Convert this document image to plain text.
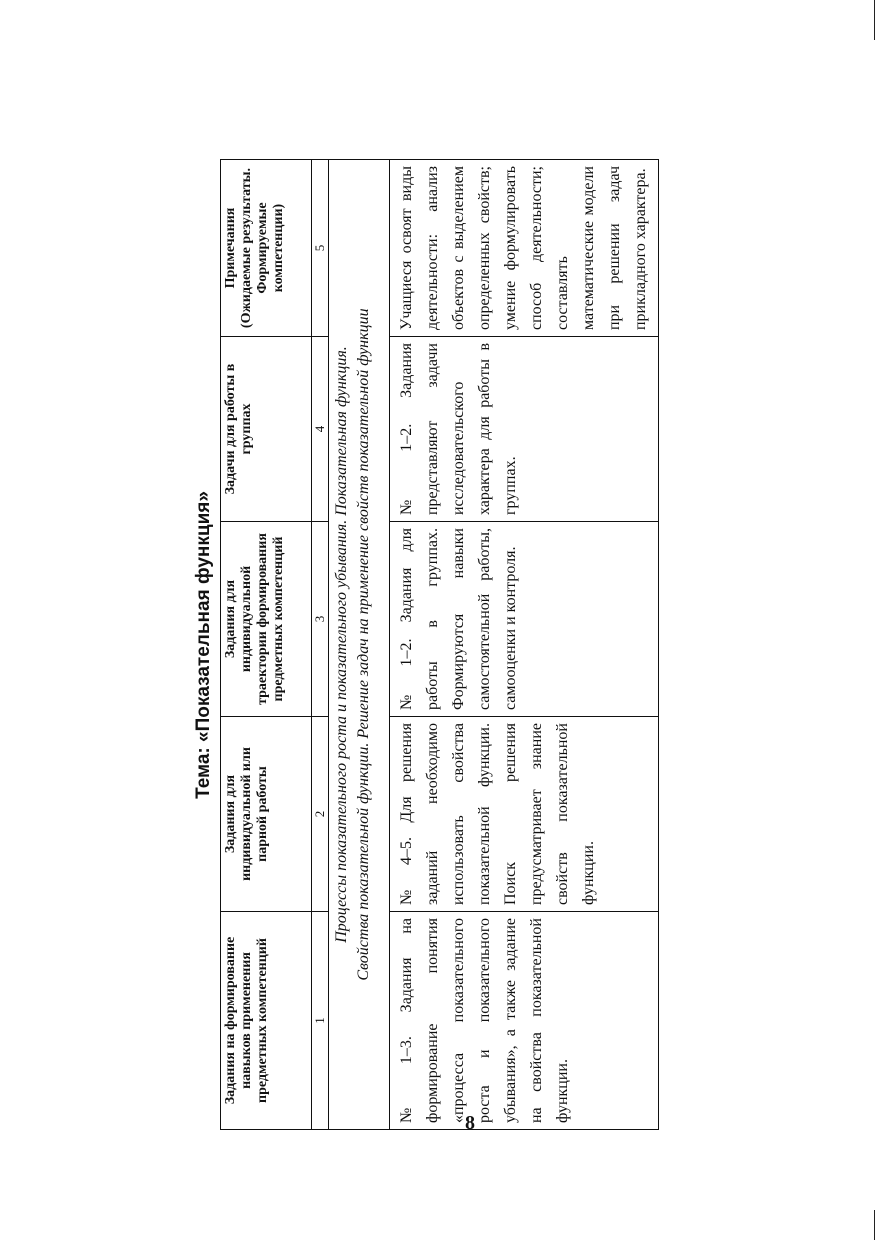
8
Тема: «Показательная функция»
Задания на формирование навыков применения предметных компетенций	Задания для индивидуальной или парной работы	Задания для индивидуальной траектории формирования предметных компетенций	Задачи для работы в группах	Примечания (Ожидаемые результаты. Формируемые компетенции)
1	2	3	4	5

Процессы показательного роста и показательного убывания. Показательная функция. Свойства показательной функции. Решение задач на применение свойств показательной функции				

№ 1–3. Задания на формирование понятия «процесса показательного роста и показательного убывания», а также задание на свойства показательной функции.	№ 4–5. Для решения заданий необходимо использовать свойства показательной функции. Поиск решения предусматривает знание свойств показательной функции.	№ 1–2. Задания для работы в группах. Формируются навыки самостоятельной работы, самооценки и контроля.	№ 1–2. Задания представляют задачи исследовательского характера для работы в группах.	Учащиеся освоят виды деятельности: анализ объектов с выделением определенных свойств; умение формулировать способ деятельности; составлять математические модели при решении задач прикладного характера.
